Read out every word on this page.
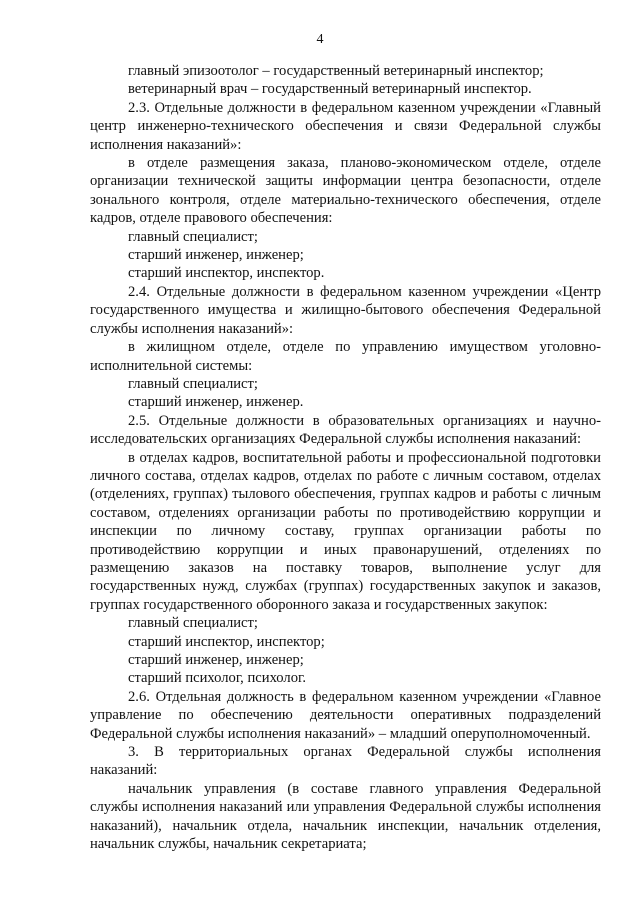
4

главный эпизоотолог – государственный ветеринарный инспектор;

ветеринарный врач – государственный ветеринарный инспектор.

2.3. Отдельные должности в федеральном казенном учреждении «Главный центр инженерно-технического обеспечения и связи Федеральной службы исполнения наказаний»:

в отделе размещения заказа, планово-экономическом отделе, отделе организации технической защиты информации центра безопасности, отделе зонального контроля, отделе материально-технического обеспечения, отделе кадров, отделе правового обеспечения:

главный специалист;

старший инженер, инженер;

старший инспектор, инспектор.

2.4. Отдельные должности в федеральном казенном учреждении «Центр государственного имущества и жилищно-бытового обеспечения Федеральной службы исполнения наказаний»:

в жилищном отделе, отделе по управлению имуществом уголовно-исполнительной системы:

главный специалист;

старший инженер, инженер.

2.5. Отдельные должности в образовательных организациях и научно-исследовательских организациях Федеральной службы исполнения наказаний:

в отделах кадров, воспитательной работы и профессиональной подготовки личного состава, отделах кадров, отделах по работе с личным составом, отделах (отделениях, группах) тылового обеспечения, группах кадров и работы с личным составом, отделениях организации работы по противодействию коррупции и инспекции по личному составу, группах организации работы по противодействию коррупции и иных правонарушений, отделениях по размещению заказов на поставку товаров, выполнение услуг для государственных нужд, службах (группах) государственных закупок и заказов, группах государственного оборонного заказа и государственных закупок:

главный специалист;

старший инспектор, инспектор;

старший инженер, инженер;

старший психолог, психолог.

2.6. Отдельная должность в федеральном казенном учреждении «Главное управление по обеспечению деятельности оперативных подразделений Федеральной службы исполнения наказаний» – младший оперуполномоченный.

3. В территориальных органах Федеральной службы исполнения наказаний:

начальник управления (в составе главного управления Федеральной службы исполнения наказаний или управления Федеральной службы исполнения наказаний), начальник отдела, начальник инспекции, начальник отделения, начальник службы, начальник секретариата;
